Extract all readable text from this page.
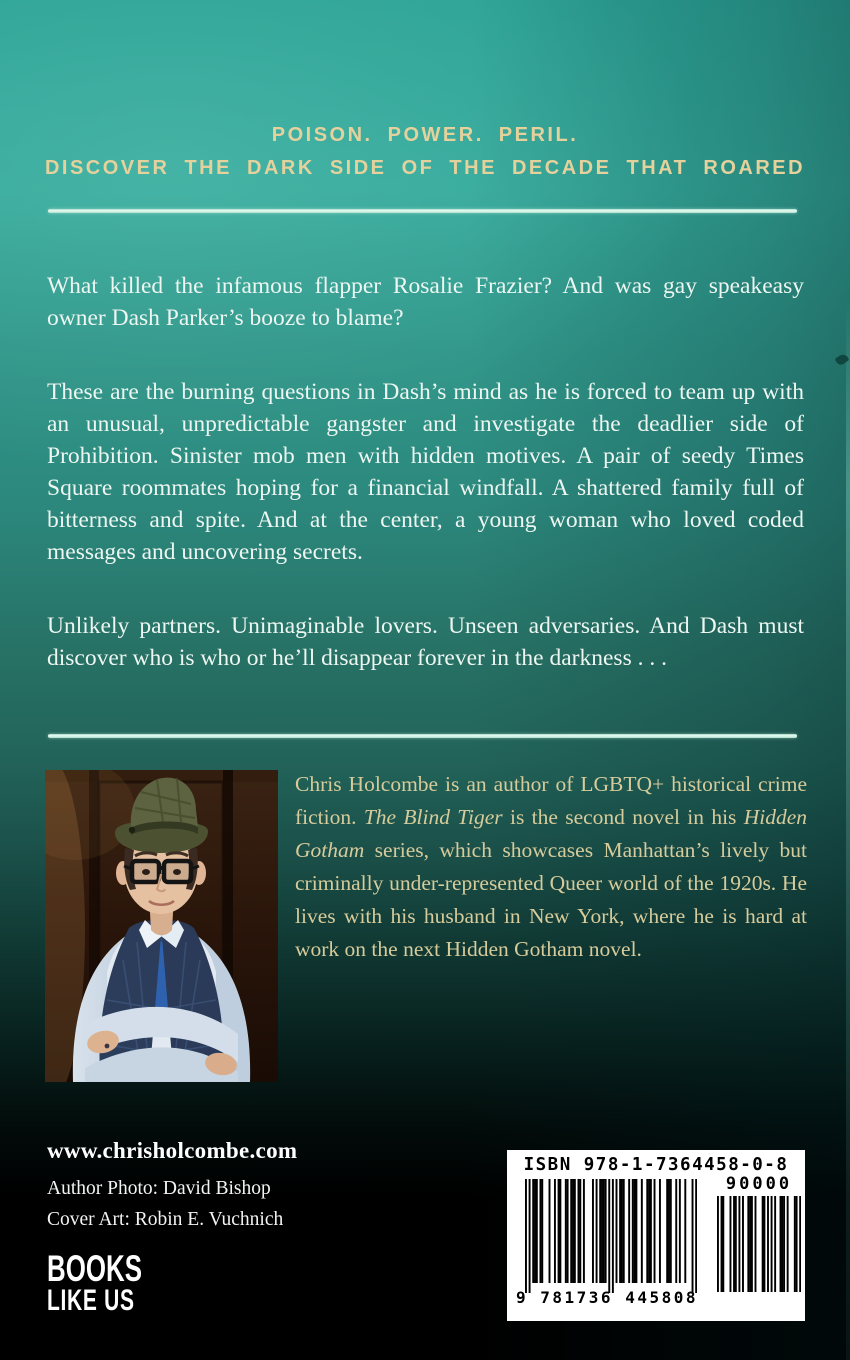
POISON. POWER. PERIL.
DISCOVER THE DARK SIDE OF THE DECADE THAT ROARED

What killed the infamous flapper Rosalie Frazier? And was gay speakeasy owner Dash Parker’s booze to blame?

These are the burning questions in Dash’s mind as he is forced to team up with an unusual, unpredictable gangster and investigate the deadlier side of Prohibition. Sinister mob men with hidden motives. A pair of seedy Times Square roommates hoping for a financial windfall. A shattered family full of bitterness and spite. And at the center, a young woman who loved coded messages and uncovering secrets.

Unlikely partners. Unimaginable lovers. Unseen adversaries. And Dash must discover who is who or he’ll disappear forever in the darkness . . .

Chris Holcombe is an author of LGBTQ+ historical crime fiction. The Blind Tiger is the second novel in his Hidden Gotham series, which showcases Manhattan’s lively but criminally under-represented Queer world of the 1920s. He lives with his husband in New York, where he is hard at work on the next Hidden Gotham novel.
www.chrisholcombe.com
Author Photo: David Bishop
Cover Art: Robin E. Vuchnich
BOOKS
LIKE US
ISBN 978-1-7364458-0-8
9 781736 445808
90000
